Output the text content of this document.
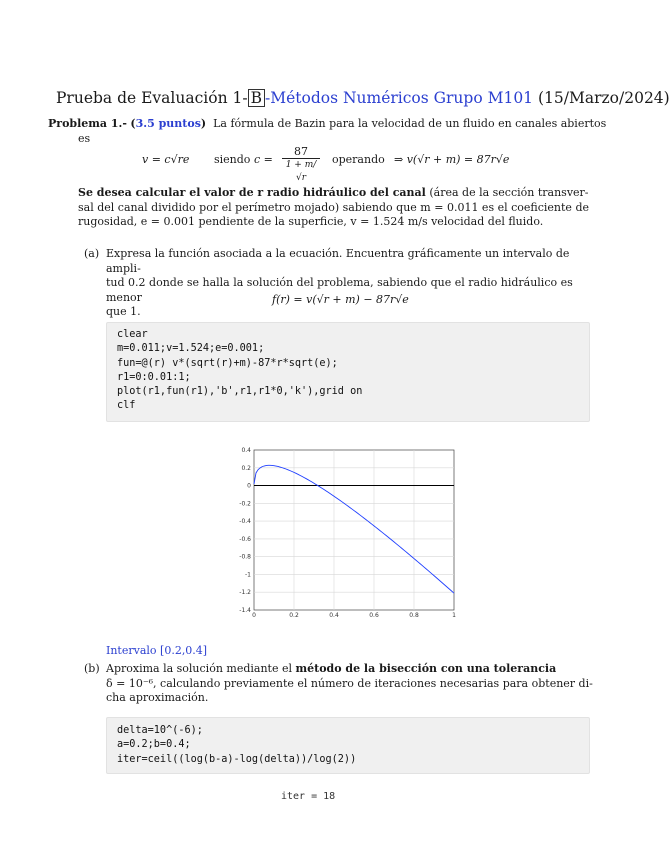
Prueba de Evaluación 1- B -Métodos Numéricos Grupo M101 (15/Marzo/2024)
Problema 1.- (3.5 puntos) La fórmula de Bazin para la velocidad de un fluido en canales abiertos
es
v = c√re siendo c =
87
1 + m/√r
operando ⇒ v(√r + m) = 87r√e
Se desea calcular el valor de r radio hidráulico del canal (área de la sección transver-
sal del canal dividido por el perímetro mojado) sabiendo que m = 0.011 es el coeficiente de
rugosidad, e = 0.001 pendiente de la superficie, v = 1.524 m/s velocidad del fluido.
(a) Expresa la función asociada a la ecuación. Encuentra gráficamente un intervalo de ampli-
tud 0.2 donde se halla la solución del problema, sabiendo que el radio hidráulico es menor
que 1.
f(r) = v(√r + m) − 87r√e
clear
m=0.011;v=1.524;e=0.001;
fun=@(r) v*(sqrt(r)+m)-87*r*sqrt(e);
r1=0:0.01:1;
plot(r1,fun(r1),'b',r1,r1*0,'k'),grid on
clf
0	0.2	0.4	0.6	0.8	1
0.4
0.2
0
-0.2
-0.4
-0.6
-0.8
-1
-1.2
-1.4
Intervalo [0.2,0.4]
(b) Aproxima la solución mediante el método de la bisección con una tolerancia
δ = 10⁻⁶, calculando previamente el número de iteraciones necesarias para obtener di-
cha aproximación.
delta=10^(-6);
a=0.2;b=0.4;
iter=ceil((log(b-a)-log(delta))/log(2))
iter = 18
